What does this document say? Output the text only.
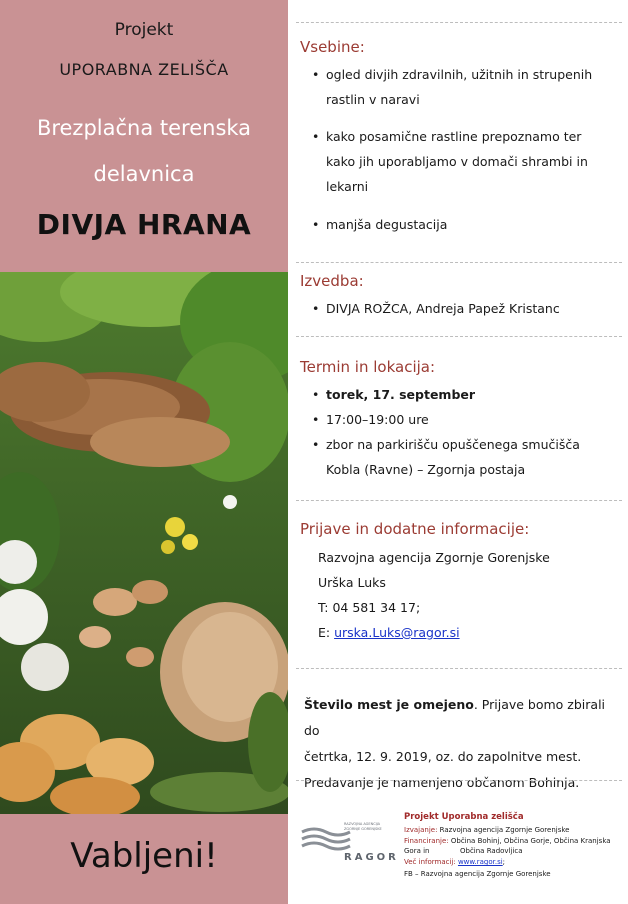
Projekt
UPORABNA ZELIŠČA
Brezplačna terenska
delavnica
DIVJA HRANA
Vabljeni!
Vsebine:
• ogled divjih zdravilnih, užitnih in strupenih
rastlin v naravi
• kako posamične rastline prepoznamo ter
kako jih uporabljamo v domači shrambi in
lekarni
• manjša degustacija
Izvedba:
• DIVJA ROŽCA, Andreja Papež Kristanc
Termin in lokacija:
• torek, 17. september
• 17:00–19:00 ure
• zbor na parkirišču opuščenega smučišča
Kobla (Ravne) – Zgornja postaja
Prijave in dodatne informacije:
Razvojna agencija Zgornje Gorenjske
Urška Luks
T: 04 581 34 17;
E: urska.Luks@ragor.si
Število mest je omejeno. Prijave bomo zbirali do
četrtka, 12. 9. 2019, oz. do zapolnitve mest.
Predavanje je namenjeno občanom Bohinja.
RAZVOJNA AGENCIJA ZGORNJE GORENJSKE
RAGOR
Projekt Uporabna zelišča
Izvajanje: Razvojna agencija Zgornje Gorenjske
Financiranje: Občina Bohinj, Občina Gorje, Občina Kranjska Gora in	Občina Radovljica
Več informacij: www.ragor.si;
FB – Razvojna agencija Zgornje Gorenjske
